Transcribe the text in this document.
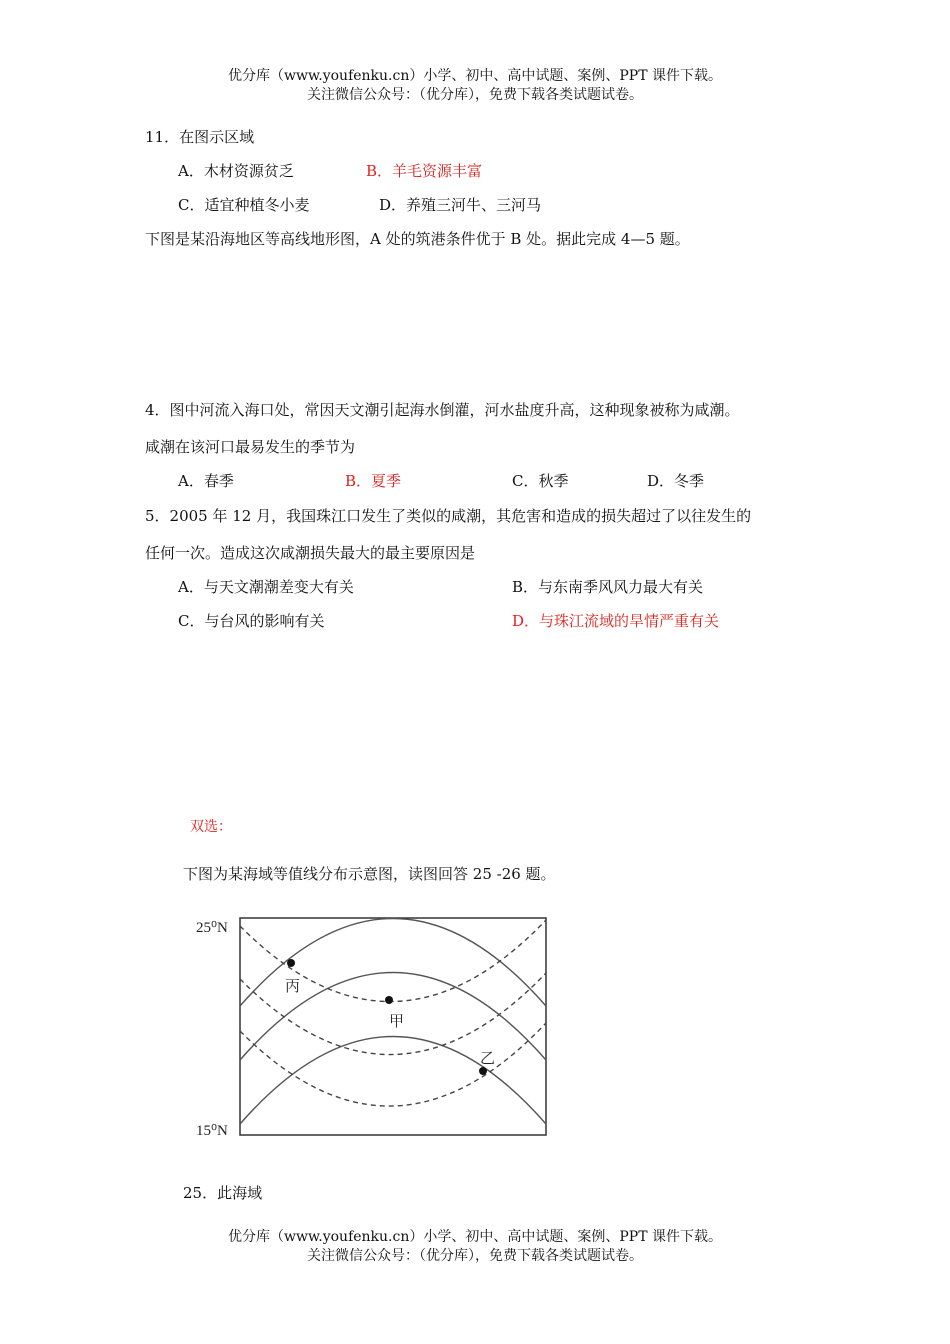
优分库（www.youfenku.cn）小学、初中、高中试题、案例、PPT 课件下载。
关注微信公众号：（优分库），免费下载各类试题试卷。
11．在图示区域
A．木材资源贫乏	B．羊毛资源丰富
C．适宜种植冬小麦	D．养殖三河牛、三河马
下图是某沿海地区等高线地形图，A 处的筑港条件优于 B 处。据此完成 4—5 题。
4．图中河流入海口处，常因天文潮引起海水倒灌，河水盐度升高，这种现象被称为咸潮。
咸潮在该河口最易发生的季节为
A．春季	B．夏季	C．秋季	D．冬季
5．2005 年 12 月，我国珠江口发生了类似的咸潮，其危害和造成的损失超过了以往发生的
任何一次。造成这次咸潮损失最大的最主要原因是
A．与天文潮潮差变大有关	B．与东南季风风力最大有关
C．与台风的影响有关	D．与珠江流域的旱情严重有关
双选：
下图为某海域等值线分布示意图，读图回答 25 -26 题。
25⁰N
15⁰N
丙
甲
乙
25．此海域
优分库（www.youfenku.cn）小学、初中、高中试题、案例、PPT 课件下载。
关注微信公众号：（优分库），免费下载各类试题试卷。
